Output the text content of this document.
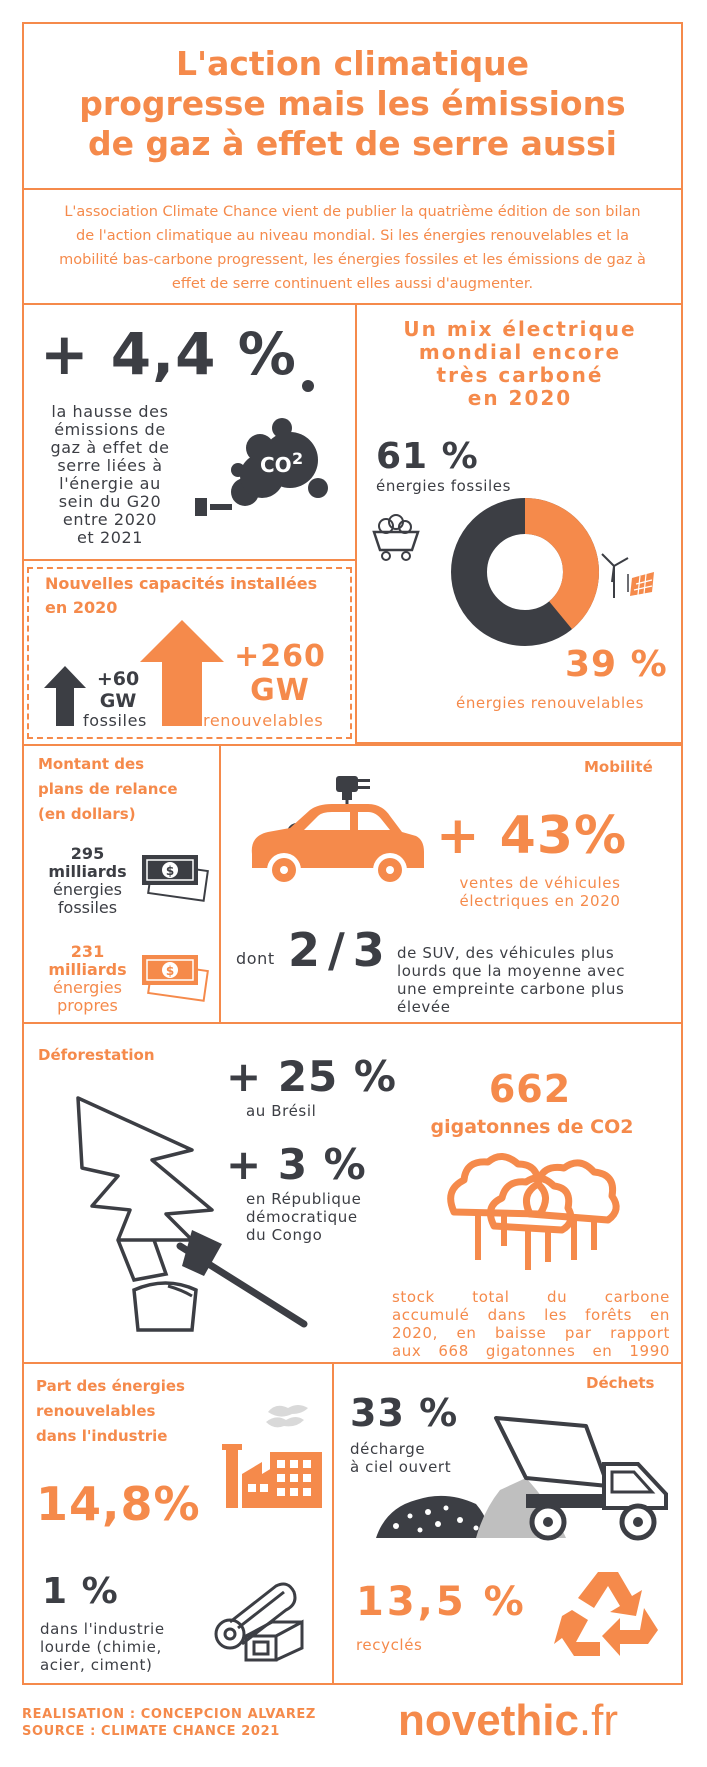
L'action climatique
progresse mais les émissions
de gaz à effet de serre aussi
L'association Climate Chance vient de publier la quatrième édition de son bilan
de l'action climatique au niveau mondial. Si les énergies renouvelables et la
mobilité bas-carbone progressent, les énergies fossiles et les émissions de gaz à
effet de serre continuent elles aussi d'augmenter.
+ 4,4 %
la hausse des
émissions de
gaz à effet de
serre liées à
l'énergie au
sein du G20
entre 2020
et 2021
CO 2
Un mix électrique
mondial encore
très carboné
en 2020
61 %
énergies fossiles
39 %
énergies renouvelables
Nouvelles capacités installées
en 2020
+60
GW
fossiles
+260
GW
renouvelables
Montant des
plans de relance
(en dollars)
295
milliards
énergies
fossiles
$
231
milliards
énergies
propres
$
Mobilité
+ 43%
ventes de véhicules
électriques en 2020
dont 2/3 de SUV, des véhicules plus
lourds que la moyenne avec
une empreinte carbone plus
élevée
Déforestation + 25 %
au Brésil
+ 3 %
en République
démocratique
du Congo
662
gigatonnes de CO2
stock total du carbone
accumulé dans les forêts en
2020, en baisse par rapport
aux 668 gigatonnes en 1990
Part des énergies
renouvelables
dans l'industrie
14,8%
1 %
dans l'industrie
lourde (chimie,
acier, ciment)
Déchets
33 %
décharge
à ciel ouvert
13,5 %
recyclés
REALISATION : CONCEPCION ALVAREZ
SOURCE : CLIMATE CHANCE 2021	novethic.fr
